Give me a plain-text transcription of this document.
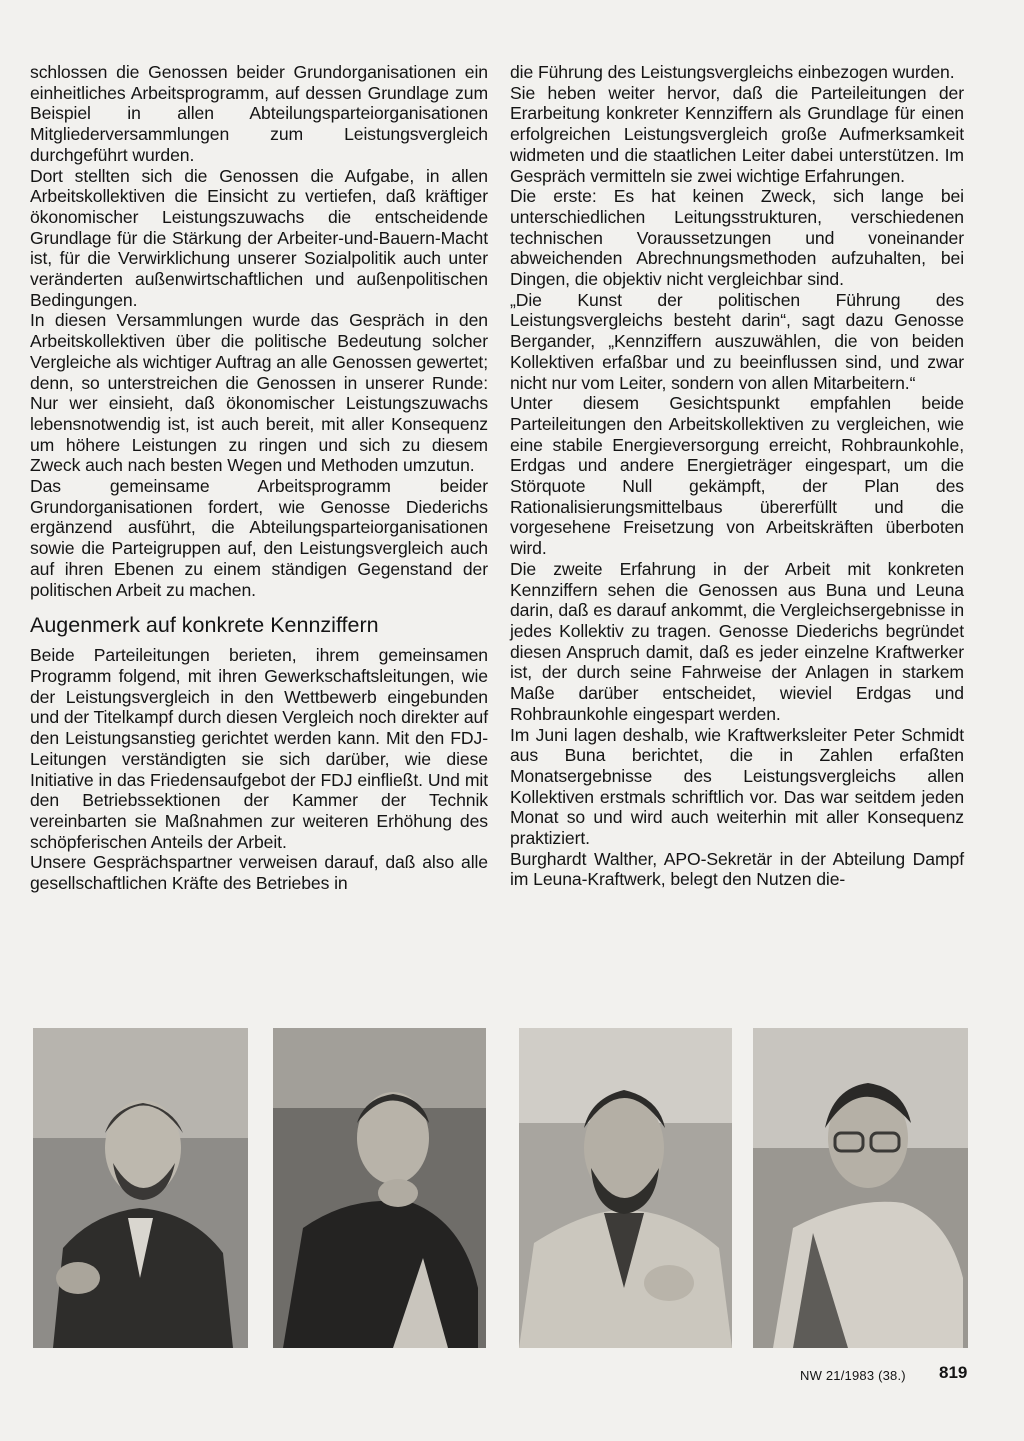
schlossen die Genossen beider Grundorganisationen ein einheitliches Arbeitsprogramm, auf dessen Grundlage zum Beispiel in allen Abteilungsparteiorganisationen Mitgliederversammlungen zum Leistungsvergleich durchgeführt wurden.

Dort stellten sich die Genossen die Aufgabe, in allen Arbeitskollektiven die Einsicht zu vertiefen, daß kräftiger ökonomischer Leistungszuwachs die entscheidende Grundlage für die Stärkung der Arbeiter-und-Bauern-Macht ist, für die Verwirklichung unserer Sozialpolitik auch unter veränderten außenwirtschaftlichen und außenpolitischen Bedingungen.

In diesen Versammlungen wurde das Gespräch in den Arbeitskollektiven über die politische Bedeutung solcher Vergleiche als wichtiger Auftrag an alle Genossen gewertet; denn, so unterstreichen die Genossen in unserer Runde: Nur wer einsieht, daß ökonomischer Leistungszuwachs lebensnotwendig ist, ist auch bereit, mit aller Konsequenz um höhere Leistungen zu ringen und sich zu diesem Zweck auch nach besten Wegen und Methoden umzutun.

Das gemeinsame Arbeitsprogramm beider Grundorganisationen fordert, wie Genosse Diederichs ergänzend ausführt, die Abteilungsparteiorganisationen sowie die Parteigruppen auf, den Leistungsvergleich auch auf ihren Ebenen zu einem ständigen Gegenstand der politischen Arbeit zu machen.

Augenmerk auf konkrete Kennziffern

Beide Parteileitungen berieten, ihrem gemeinsamen Programm folgend, mit ihren Gewerkschaftsleitungen, wie der Leistungsvergleich in den Wettbewerb eingebunden und der Titelkampf durch diesen Vergleich noch direkter auf den Leistungsanstieg gerichtet werden kann. Mit den FDJ-Leitungen verständigten sie sich darüber, wie diese Initiative in das Friedensaufgebot der FDJ einfließt. Und mit den Betriebssektionen der Kammer der Technik vereinbarten sie Maßnahmen zur weiteren Erhöhung des schöpferischen Anteils der Arbeit.

Unsere Gesprächspartner verweisen darauf, daß also alle gesellschaftlichen Kräfte des Betriebes in

die Führung des Leistungsvergleichs einbezogen wurden.

Sie heben weiter hervor, daß die Parteileitungen der Erarbeitung konkreter Kennziffern als Grundlage für einen erfolgreichen Leistungsvergleich große Aufmerksamkeit widmeten und die staatlichen Leiter dabei unterstützen. Im Gespräch vermitteln sie zwei wichtige Erfahrungen.

Die erste: Es hat keinen Zweck, sich lange bei unterschiedlichen Leitungsstrukturen, verschiedenen technischen Voraussetzungen und voneinander abweichenden Abrechnungsmethoden aufzuhalten, bei Dingen, die objektiv nicht vergleichbar sind.

„Die Kunst der politischen Führung des Leistungsvergleichs besteht darin“, sagt dazu Genosse Bergander, „Kennziffern auszuwählen, die von beiden Kollektiven erfaßbar und zu beeinflussen sind, und zwar nicht nur vom Leiter, sondern von allen Mitarbeitern.“

Unter diesem Gesichtspunkt empfahlen beide Parteileitungen den Arbeitskollektiven zu vergleichen, wie eine stabile Energieversorgung erreicht, Rohbraunkohle, Erdgas und andere Energieträger eingespart, um die Störquote Null gekämpft, der Plan des Rationalisierungsmittelbaus übererfüllt und die vorgesehene Freisetzung von Arbeitskräften überboten wird.

Die zweite Erfahrung in der Arbeit mit konkreten Kennziffern sehen die Genossen aus Buna und Leuna darin, daß es darauf ankommt, die Vergleichsergebnisse in jedes Kollektiv zu tragen. Genosse Diederichs begründet diesen Anspruch damit, daß es jeder einzelne Kraftwerker ist, der durch seine Fahrweise der Anlagen in starkem Maße darüber entscheidet, wieviel Erdgas und Rohbraunkohle eingespart werden.

Im Juni lagen deshalb, wie Kraftwerksleiter Peter Schmidt aus Buna berichtet, die in Zahlen erfaßten Monatsergebnisse des Leistungsvergleichs allen Kollektiven erstmals schriftlich vor. Das war seitdem jeden Monat so und wird auch weiterhin mit aller Konsequenz praktiziert.

Burghardt Walther, APO-Sekretär in der Abteilung Dampf im Leuna-Kraftwerk, belegt den Nutzen die-

NW 21/1983 (38.) 819
